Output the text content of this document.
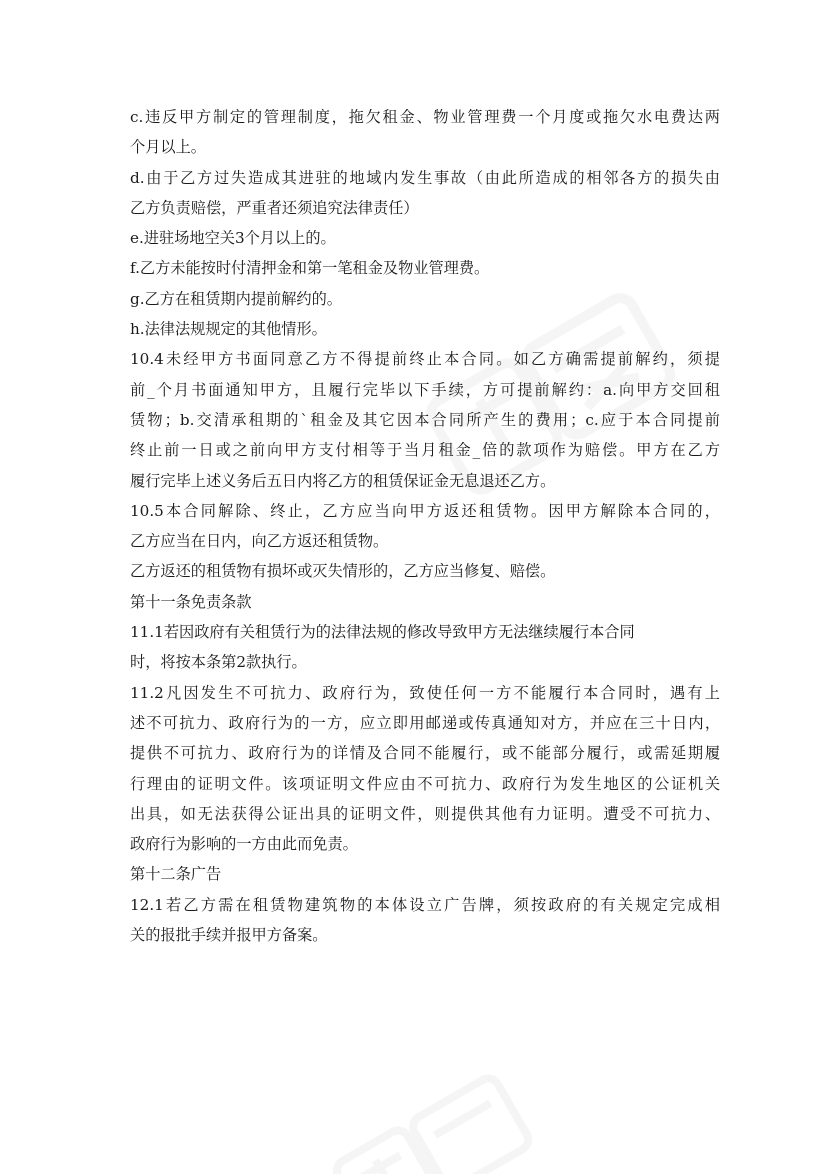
c.违反甲方制定的管理制度，拖欠租金、物业管理费一个月度或拖欠水电费达两
个月以上。
d.由于乙方过失造成其进驻的地域内发生事故（由此所造成的相邻各方的损失由
乙方负责赔偿，严重者还须追究法律责任）
e.进驻场地空关3个月以上的。
f.乙方未能按时付清押金和第一笔租金及物业管理费。
g.乙方在租赁期内提前解约的。
h.法律法规规定的其他情形。
10.4未经甲方书面同意乙方不得提前终止本合同。如乙方确需提前解约，须提
前_个月书面通知甲方，且履行完毕以下手续，方可提前解约：a.向甲方交回租
赁物；b.交清承租期的`租金及其它因本合同所产生的费用；c.应于本合同提前
终止前一日或之前向甲方支付相等于当月租金_倍的款项作为赔偿。甲方在乙方
履行完毕上述义务后五日内将乙方的租赁保证金无息退还乙方。
10.5本合同解除、终止，乙方应当向甲方返还租赁物。因甲方解除本合同的，
乙方应当在日内，向乙方返还租赁物。
乙方返还的租赁物有损坏或灭失情形的，乙方应当修复、赔偿。
第十一条免责条款
11.1若因政府有关租赁行为的法律法规的修改导致甲方无法继续履行本合同
时，将按本条第2款执行。
11.2凡因发生不可抗力、政府行为，致使任何一方不能履行本合同时，遇有上
述不可抗力、政府行为的一方，应立即用邮递或传真通知对方，并应在三十日内，
提供不可抗力、政府行为的详情及合同不能履行，或不能部分履行，或需延期履
行理由的证明文件。该项证明文件应由不可抗力、政府行为发生地区的公证机关
出具，如无法获得公证出具的证明文件，则提供其他有力证明。遭受不可抗力、
政府行为影响的一方由此而免责。
第十二条广告
12.1若乙方需在租赁物建筑物的本体设立广告牌，须按政府的有关规定完成相
关的报批手续并报甲方备案。
